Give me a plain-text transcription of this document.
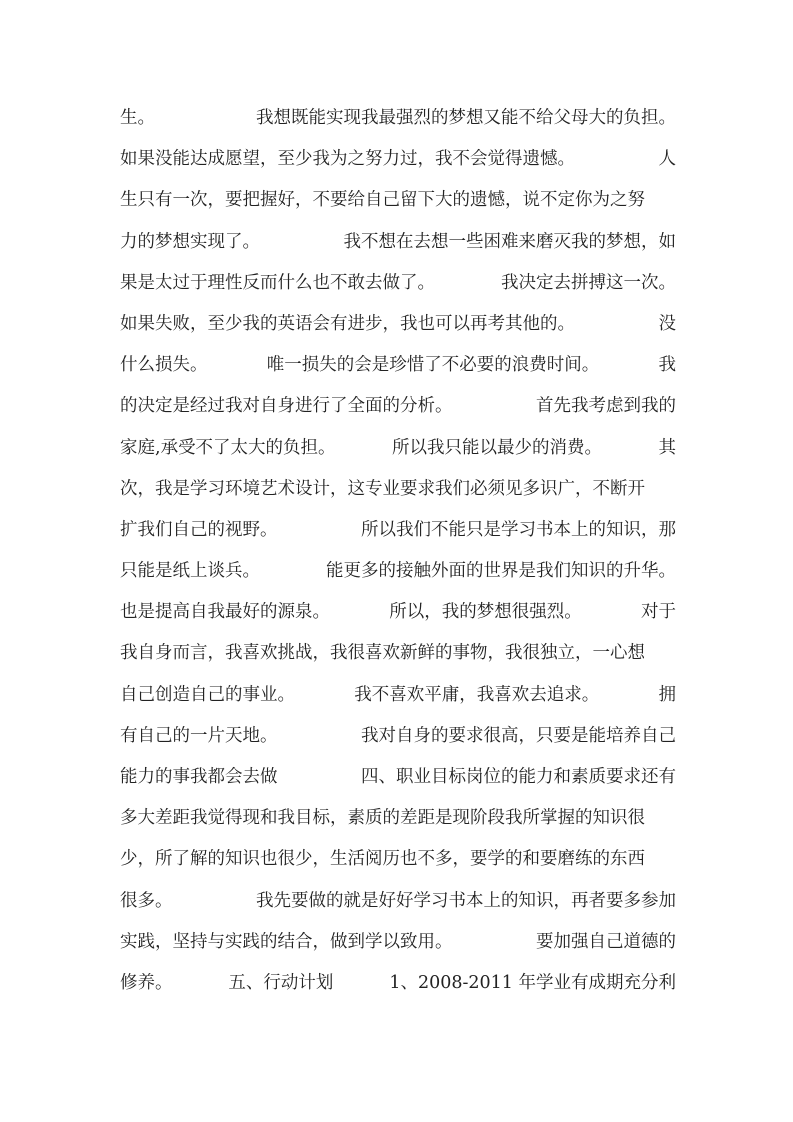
生。	我想既能实现我最强烈的梦想又能不给父母大的负担。
如果没能达成愿望，至少我为之努力过，我不会觉得遗憾。	人
生只有一次，要把握好，不要给自己留下大的遗憾，说不定你为之努
力的梦想实现了。	我不想在去想一些困难来磨灭我的梦想，如
果是太过于理性反而什么也不敢去做了。	我决定去拼搏这一次。
如果失败，至少我的英语会有进步，我也可以再考其他的。	没
什么损失。	唯一损失的会是珍惜了不必要的浪费时间。	我
的决定是经过我对自身进行了全面的分析。	首先我考虑到我的
家庭,承受不了太大的负担。	所以我只能以最少的消费。	其
次，我是学习环境艺术设计，这专业要求我们必须见多识广，不断开
扩我们自己的视野。	所以我们不能只是学习书本上的知识，那
只能是纸上谈兵。	能更多的接触外面的世界是我们知识的升华。
也是提高自我最好的源泉。	所以，我的梦想很强烈。	对于
我自身而言，我喜欢挑战，我很喜欢新鲜的事物，我很独立，一心想
自己创造自己的事业。	我不喜欢平庸，我喜欢去追求。	拥
有自己的一片天地。	我对自身的要求很高，只要是能培养自己
能力的事我都会去做	四、职业目标岗位的能力和素质要求还有
多大差距我觉得现和我目标，素质的差距是现阶段我所掌握的知识很
少，所了解的知识也很少，生活阅历也不多，要学的和要磨练的东西
很多。	我先要做的就是好好学习书本上的知识，再者要多参加
实践，坚持与实践的结合，做到学以致用。	要加强自己道德的
修养。	五、行动计划	1、2008-2011 年学业有成期充分利
